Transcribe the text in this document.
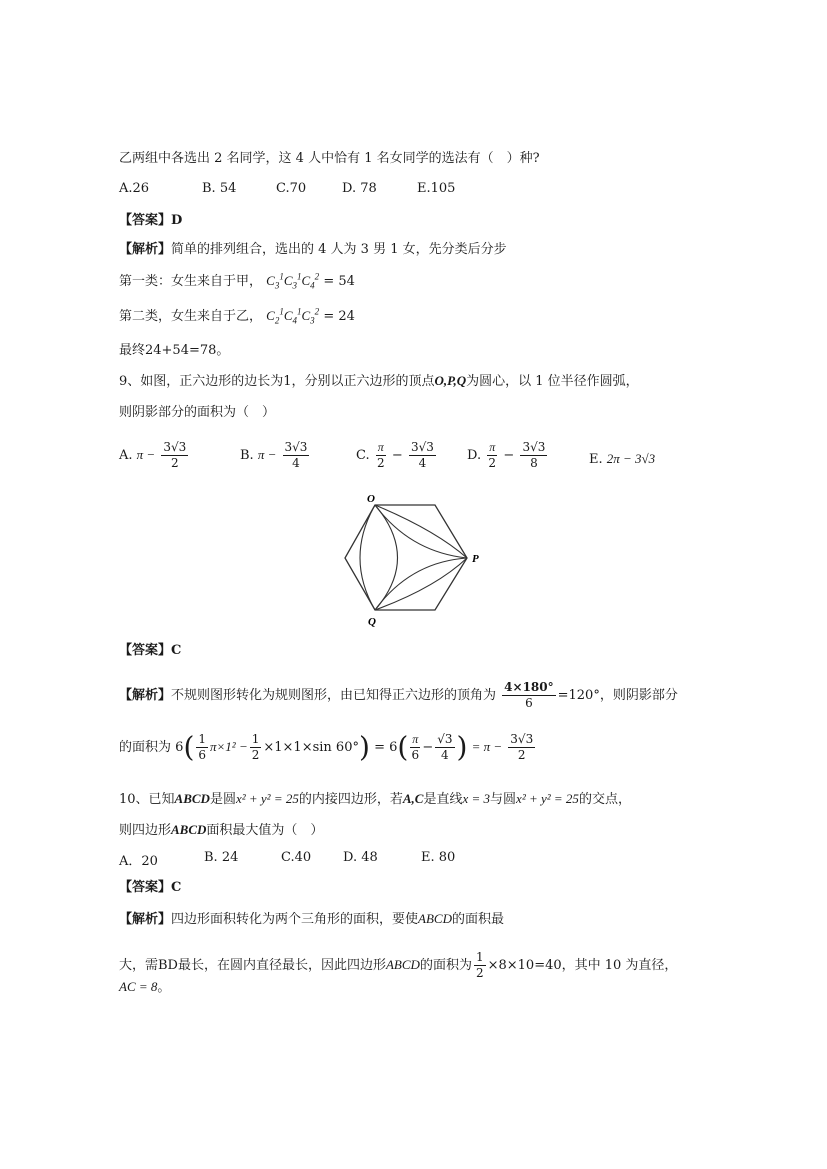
乙两组中各选出 2 名同学，这 4 人中恰有 1 名女同学的选法有（　）种?
A.26	B. 54	C.70	D. 78	E.105
【答案】D
【解析】简单的排列组合，选出的 4 人为 3 男 1 女，先分类后分步
第一类：女生来自于甲， $C_3^1C_3^1C_4^2 = 54$
第二类，女生来自于乙， $C_2^1C_4^1C_3^2 = 24$
最终24+54=78。
9、如图，正六边形的边长为1，分别以正六边形的顶点O,P,Q为圆心，以 1 位半径作圆弧，
则阴影部分的面积为（　）
A. $\pi - \frac{3√3}{2}$	B. $\pi - \frac{3√3}{4}$	C. $\frac{\pi}{2} - \frac{3√3}{4} D$. $\frac{\pi}{2} - \frac{3√3}{8}$	E. 2π − 3√3
O
P
Q
【答案】C
【解析】不规则图形转化为规则图形，由已知得正六边形的顶角为 $\frac{4\times 180^\circ}{6} =120^\circ$，则阴影部分
的面积为 $6( \frac{1}{6} \pi\times 1^2 - \frac{1}{2} \times 1\times 1\times\sin$ $60^\circ) = 6( \frac{\pi}{6} - \frac{√3}{4}$ ) = $\pi - \frac{3√3}{2}$
10、已知ABCD是圆x² + y² = 25的内接四边形，若A,C是直线x = 3与圆x² + y² = 25的交点，
则四边形ABCD面积最大值为（　）
A．20	B. 24	C.40 D. 48	E. 80
【答案】C
【解析】四边形面积转化为两个三角形的面积，要使ABCD的面积最
大，需BD最长，在圆内直径最长，因此四边形ABCD的面积为 $\frac{1}{2} \times 8\times 10=40$，其中 10 为直径，
AC = 8。
